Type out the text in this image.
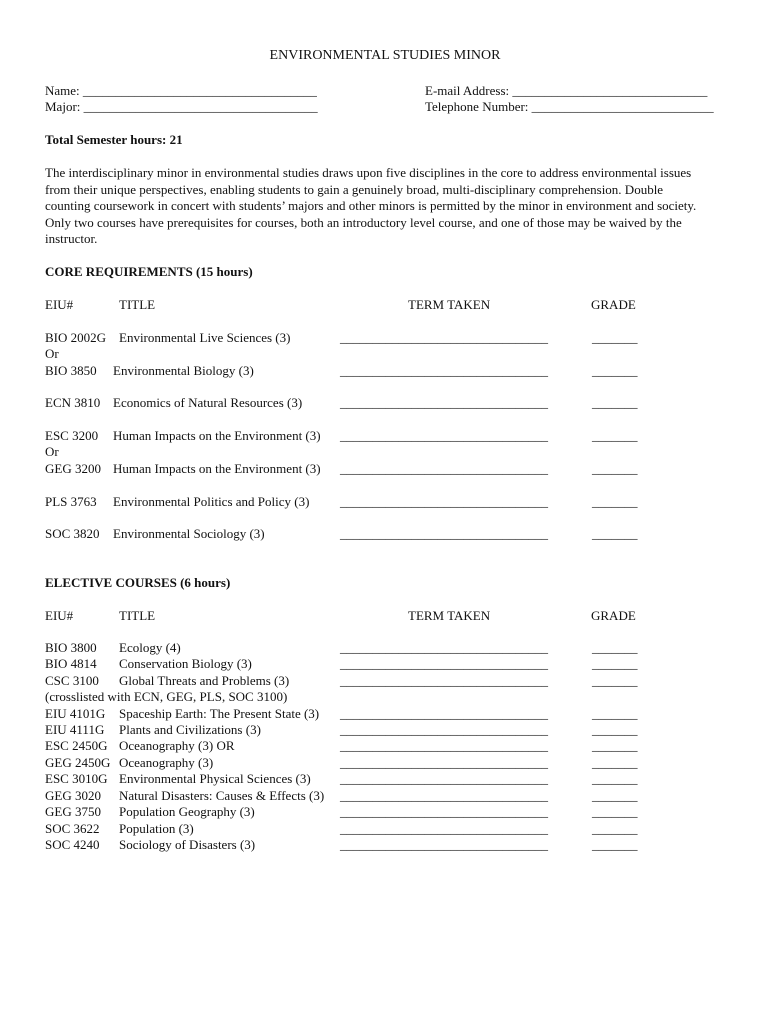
ENVIRONMENTAL STUDIES MINOR
Name: ____________________________________
Major: ____________________________________
E-mail Address: ______________________________
Telephone Number: ____________________________
Total Semester hours: 21

The interdisciplinary minor in environmental studies draws upon five disciplines in the core to address environmental issues

from their unique perspectives, enabling students to gain a genuinely broad, multi-disciplinary comprehension. Double

counting coursework in concert with students’ majors and other minors is permitted by the minor in environment and society.

Only two courses have prerequisites for courses, both an introductory level course, and one of those may be waived by the

instructor.

CORE REQUIREMENTS (15 hours)
EIU#	TITLE	TERM TAKEN	GRADE
BIO 2002G Environmental Live Sciences (3)	________________________________	_______
Or
BIO 3850 Environmental Biology (3)	________________________________	_______
ECN 3810 Economics of Natural Resources (3)	________________________________	_______
ESC 3200 Human Impacts on the Environment (3) ________________________________	_______
Or
GEG 3200 Human Impacts on the Environment (3) ________________________________	_______
PLS 3763 Environmental Politics and Policy (3) ________________________________	_______
SOC 3820 Environmental Sociology (3)	________________________________	_______
ELECTIVE COURSES (6 hours)
EIU#	TITLE	TERM TAKEN	GRADE
BIO 3800 Ecology (4)	________________________________	_______
BIO 4814 Conservation Biology (3)	________________________________	_______
CSC 3100 Global Threats and Problems (3)	________________________________	_______
(crosslisted with ECN, GEG, PLS, SOC 3100)
EIU 4101G Spaceship Earth: The Present State (3) ________________________________	_______
EIU 4111G Plants and Civilizations (3)	________________________________	_______
ESC 2450G Oceanography (3) OR	________________________________	_______
GEG 2450G Oceanography (3)	________________________________	_______
ESC 3010G Environmental Physical Sciences (3) ________________________________	_______
GEG 3020 Natural Disasters: Causes & Effects (3) ________________________________	_______
GEG 3750 Population Geography (3)	________________________________	_______
SOC 3622 Population (3)	________________________________	_______
SOC 4240 Sociology of Disasters (3)	________________________________	_______
